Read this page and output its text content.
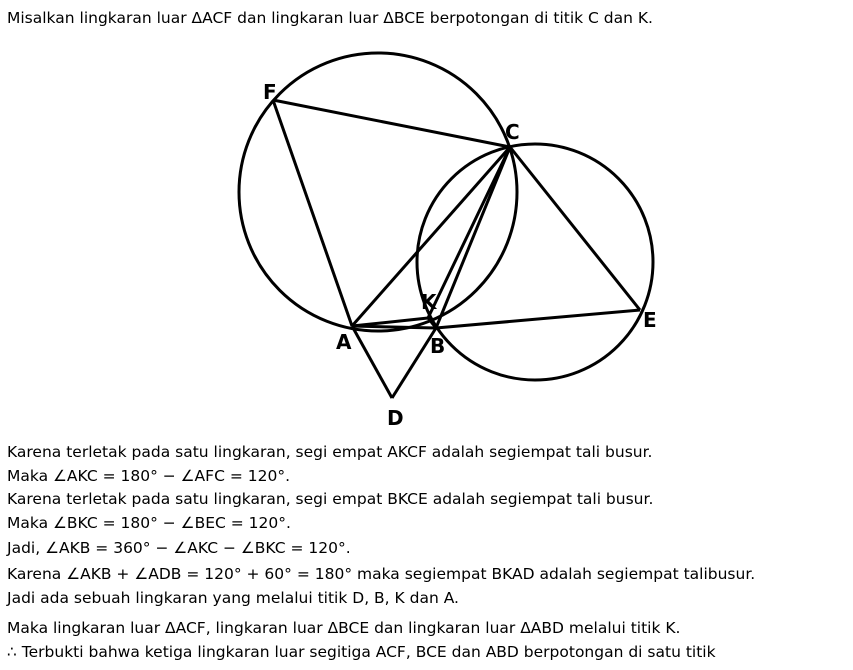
Misalkan lingkaran luar ΔACF dan lingkaran luar ΔBCE berpotongan di titik C dan K.
F
C
K
E
A	B
D
Karena terletak pada satu lingkaran, segi empat AKCF adalah segiempat tali busur.
Maka ∠AKC = 180° − ∠AFC = 120°.
Karena terletak pada satu lingkaran, segi empat BKCE adalah segiempat tali busur.
Maka ∠BKC = 180° − ∠BEC = 120°.
Jadi, ∠AKB = 360° − ∠AKC − ∠BKC = 120°.
Karena ∠AKB + ∠ADB = 120° + 60° = 180° maka segiempat BKAD adalah segiempat talibusur.
Jadi ada sebuah lingkaran yang melalui titik D, B, K dan A.
Maka lingkaran luar ΔACF, lingkaran luar ΔBCE dan lingkaran luar ΔABD melalui titik K.
∴ Terbukti bahwa ketiga lingkaran luar segitiga ACF, BCE dan ABD berpotongan di satu titik
